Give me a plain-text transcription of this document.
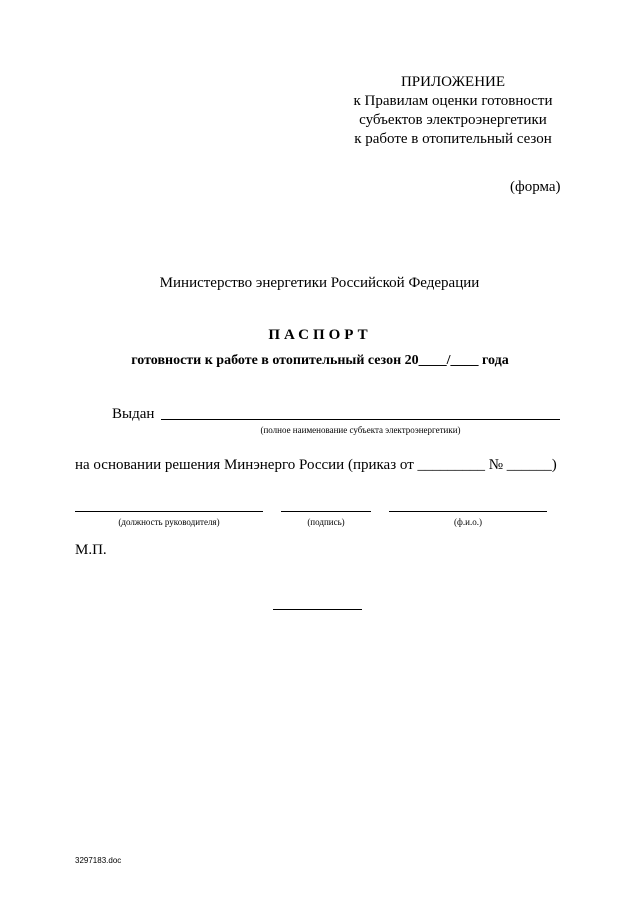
ПРИЛОЖЕНИЕ
к Правилам оценки готовности
субъектов электроэнергетики
к работе в отопительный сезон
(форма)
Министерство энергетики Российской Федерации
ПАСПОРТ
готовности к работе в отопительный сезон 20____/____ года
Выдан
(полное наименование субъекта электроэнергетики)
на основании решения Минэнерго России (приказ от _________ № ______)
(должность руководителя)	(подпись)	(ф.и.о.)
М.П.
3297183.doc
